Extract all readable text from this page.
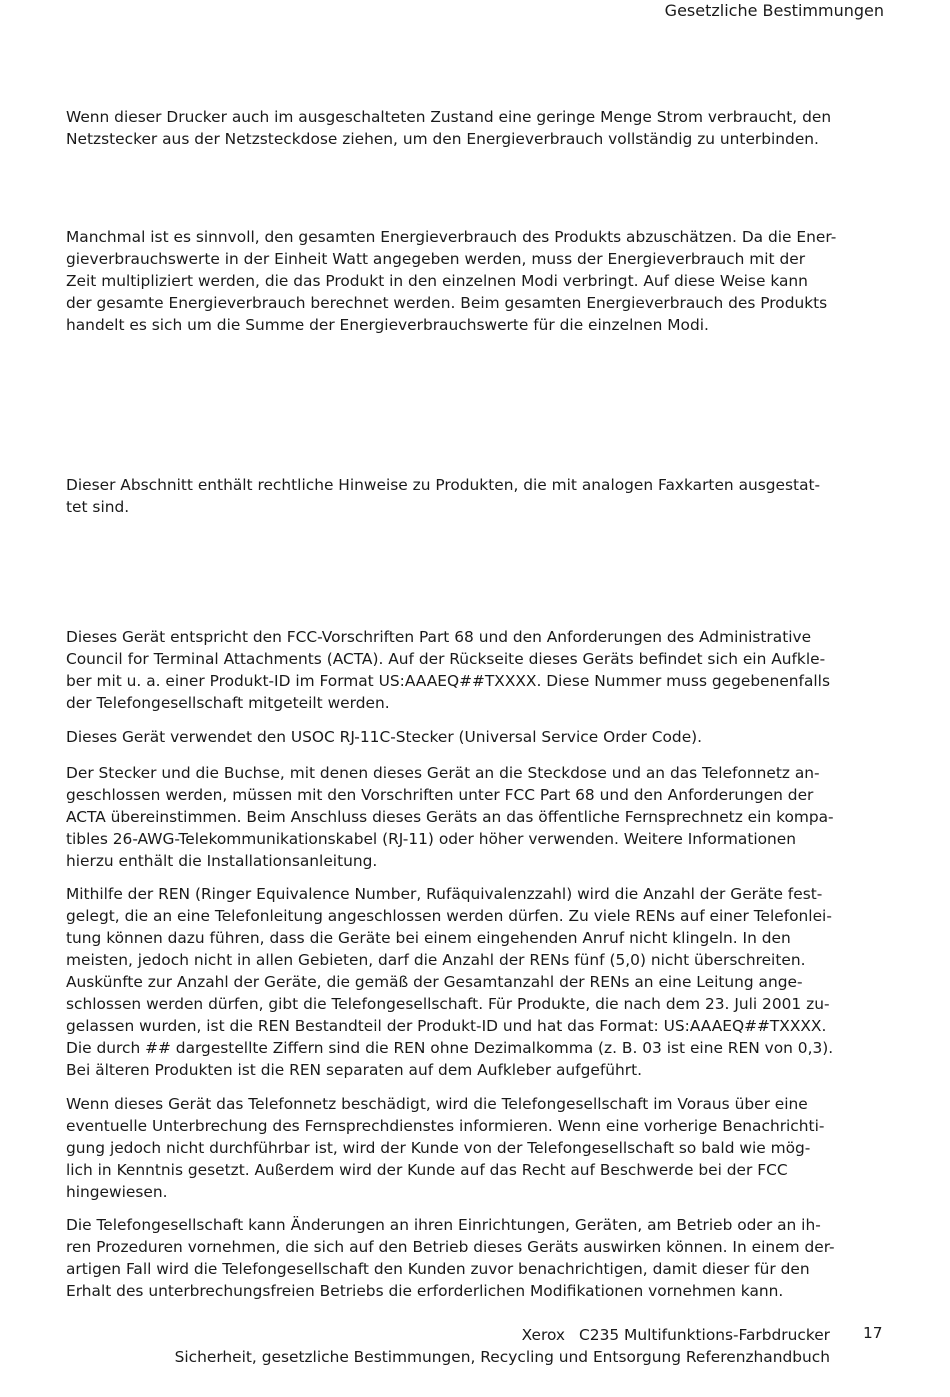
Gesetzliche Bestimmungen
Wenn dieser Drucker auch im ausgeschalteten Zustand eine geringe Menge Strom verbraucht, den
Netzstecker aus der Netzsteckdose ziehen, um den Energieverbrauch vollständig zu unterbinden.
Manchmal ist es sinnvoll, den gesamten Energieverbrauch des Produkts abzuschätzen. Da die Ener-
gieverbrauchswerte in der Einheit Watt angegeben werden, muss der Energieverbrauch mit der
Zeit multipliziert werden, die das Produkt in den einzelnen Modi verbringt. Auf diese Weise kann
der gesamte Energieverbrauch berechnet werden. Beim gesamten Energieverbrauch des Produkts
handelt es sich um die Summe der Energieverbrauchswerte für die einzelnen Modi.
Dieser Abschnitt enthält rechtliche Hinweise zu Produkten, die mit analogen Faxkarten ausgestat-
tet sind.
Dieses Gerät entspricht den FCC-Vorschriften Part 68 und den Anforderungen des Administrative
Council for Terminal Attachments (ACTA). Auf der Rückseite dieses Geräts befindet sich ein Aufkle-
ber mit u. a. einer Produkt-ID im Format US:AAAEQ##TXXXX. Diese Nummer muss gegebenenfalls
der Telefongesellschaft mitgeteilt werden.
Dieses Gerät verwendet den USOC RJ-11C-Stecker (Universal Service Order Code).
Der Stecker und die Buchse, mit denen dieses Gerät an die Steckdose und an das Telefonnetz an-
geschlossen werden, müssen mit den Vorschriften unter FCC Part 68 und den Anforderungen der
ACTA übereinstimmen. Beim Anschluss dieses Geräts an das öffentliche Fernsprechnetz ein kompa-
tibles 26-AWG-Telekommunikationskabel (RJ-11) oder höher verwenden. Weitere Informationen
hierzu enthält die Installationsanleitung.
Mithilfe der REN (Ringer Equivalence Number, Rufäquivalenzzahl) wird die Anzahl der Geräte fest-
gelegt, die an eine Telefonleitung angeschlossen werden dürfen. Zu viele RENs auf einer Telefonlei-
tung können dazu führen, dass die Geräte bei einem eingehenden Anruf nicht klingeln. In den
meisten, jedoch nicht in allen Gebieten, darf die Anzahl der RENs fünf (5,0) nicht überschreiten.
Auskünfte zur Anzahl der Geräte, die gemäß der Gesamtanzahl der RENs an eine Leitung ange-
schlossen werden dürfen, gibt die Telefongesellschaft. Für Produkte, die nach dem 23. Juli 2001 zu-
gelassen wurden, ist die REN Bestandteil der Produkt-ID und hat das Format: US:AAAEQ##TXXXX.
Die durch ## dargestellte Ziffern sind die REN ohne Dezimalkomma (z. B. 03 ist eine REN von 0,3).
Bei älteren Produkten ist die REN separaten auf dem Aufkleber aufgeführt.
Wenn dieses Gerät das Telefonnetz beschädigt, wird die Telefongesellschaft im Voraus über eine
eventuelle Unterbrechung des Fernsprechdienstes informieren. Wenn eine vorherige Benachrichti-
gung jedoch nicht durchführbar ist, wird der Kunde von der Telefongesellschaft so bald wie mög-
lich in Kenntnis gesetzt. Außerdem wird der Kunde auf das Recht auf Beschwerde bei der FCC
hingewiesen.
Die Telefongesellschaft kann Änderungen an ihren Einrichtungen, Geräten, am Betrieb oder an ih-
ren Prozeduren vornehmen, die sich auf den Betrieb dieses Geräts auswirken können. In einem der-
artigen Fall wird die Telefongesellschaft den Kunden zuvor benachrichtigen, damit dieser für den
Erhalt des unterbrechungsfreien Betriebs die erforderlichen Modifikationen vornehmen kann.
Xerox C235 Multifunktions-Farbdrucker
Sicherheit, gesetzliche Bestimmungen, Recycling und Entsorgung Referenzhandbuch
17
